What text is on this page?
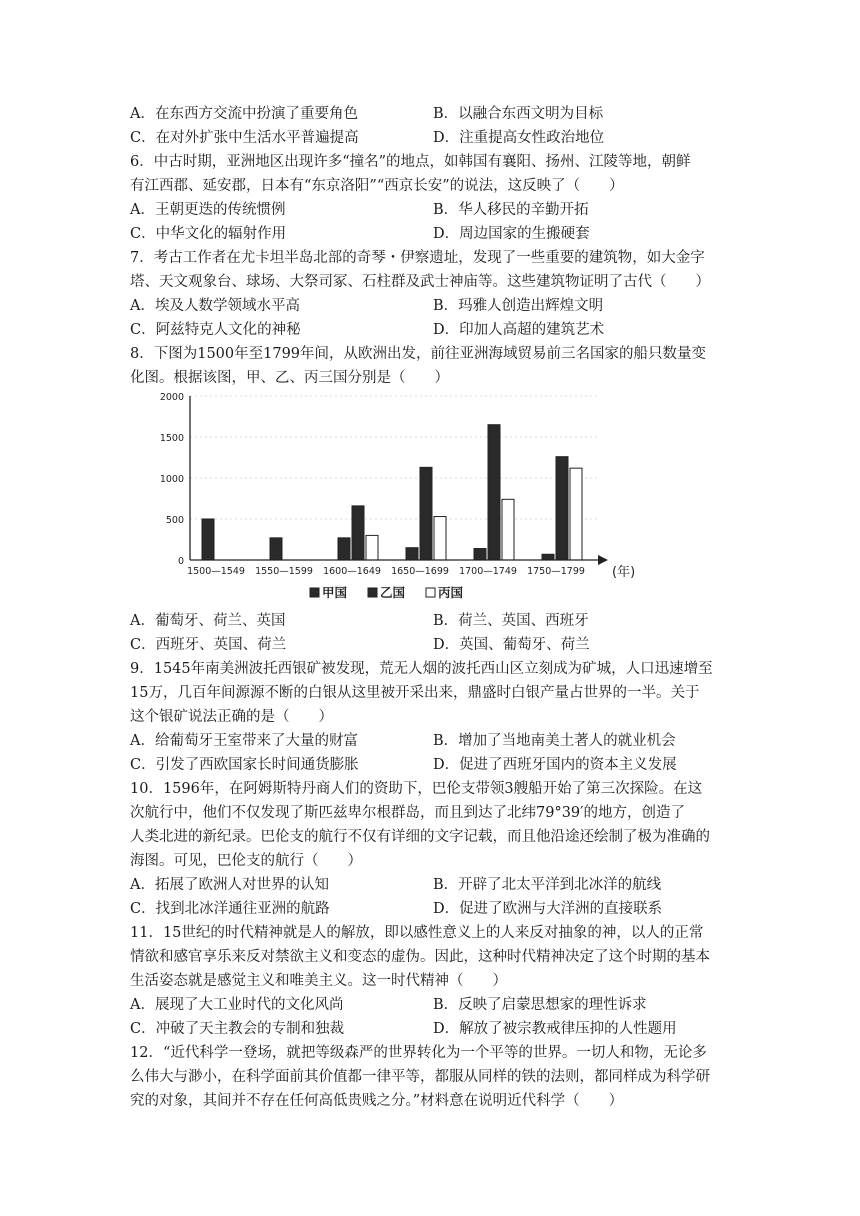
A．在东西方交流中扮演了重要角色	B．以融合东西文明为目标
C．在对外扩张中生活水平普遍提高	D．注重提高女性政治地位
6．中古时期，亚洲地区出现许多“撞名”的地点，如韩国有襄阳、扬州、江陵等地，朝鲜
有江西郡、延安郡，日本有“东京洛阳”“西京长安”的说法，这反映了（　　）
A．王朝更迭的传统惯例	B．华人移民的辛勤开拓
C．中华文化的辐射作用	D．周边国家的生搬硬套
7．考古工作者在尤卡坦半岛北部的奇琴・伊察遗址，发现了一些重要的建筑物，如大金字
塔、天文观象台、球场、大祭司冢、石柱群及武士神庙等。这些建筑物证明了古代（　　）
A．埃及人数学领域水平高	B．玛雅人创造出辉煌文明
C．阿兹特克人文化的神秘	D．印加人高超的建筑艺术
8．下图为1500年至1799年间，从欧洲出发，前往亚洲海域贸易前三名国家的船只数量变
化图。根据该图，甲、乙、丙三国分别是（　　）
0
500
1000
1500
2000
1500—1549 1550—1599 1600—1649 1650—1699 1700—1749 1750—1799 (年)
甲国	乙国	丙国
A．葡萄牙、荷兰、英国	B．荷兰、英国、西班牙
C．西班牙、英国、荷兰	D．英国、葡萄牙、荷兰
9．1545年南美洲波托西银矿被发现，荒无人烟的波托西山区立刻成为矿城，人口迅速增至
15万，几百年间源源不断的白银从这里被开采出来，鼎盛时白银产量占世界的一半。关于
这个银矿说法正确的是（　　）
A．给葡萄牙王室带来了大量的财富	B．增加了当地南美土著人的就业机会
C．引发了西欧国家长时间通货膨胀	D．促进了西班牙国内的资本主义发展
10．1596年，在阿姆斯特丹商人们的资助下，巴伦支带领3艘船开始了第三次探险。在这
次航行中，他们不仅发现了斯匹兹卑尔根群岛，而且到达了北纬79°39′的地方，创造了
人类北进的新纪录。巴伦支的航行不仅有详细的文字记载，而且他沿途还绘制了极为准确的
海图。可见，巴伦支的航行（　　）
A．拓展了欧洲人对世界的认知	B．开辟了北太平洋到北冰洋的航线
C．找到北冰洋通往亚洲的航路	D．促进了欧洲与大洋洲的直接联系
11．15世纪的时代精神就是人的解放，即以感性意义上的人来反对抽象的神，以人的正常
情欲和感官享乐来反对禁欲主义和变态的虚伪。因此，这种时代精神决定了这个时期的基本
生活姿态就是感觉主义和唯美主义。这一时代精神（　　）
A．展现了大工业时代的文化风尚	B．反映了启蒙思想家的理性诉求
C．冲破了天主教会的专制和独裁	D．解放了被宗教戒律压抑的人性题用
12．“近代科学一登场，就把等级森严的世界转化为一个平等的世界。一切人和物，无论多
么伟大与渺小，在科学面前其价值都一律平等，都服从同样的铁的法则，都同样成为科学研
究的对象，其间并不存在任何高低贵贱之分。”材料意在说明近代科学（　　）
